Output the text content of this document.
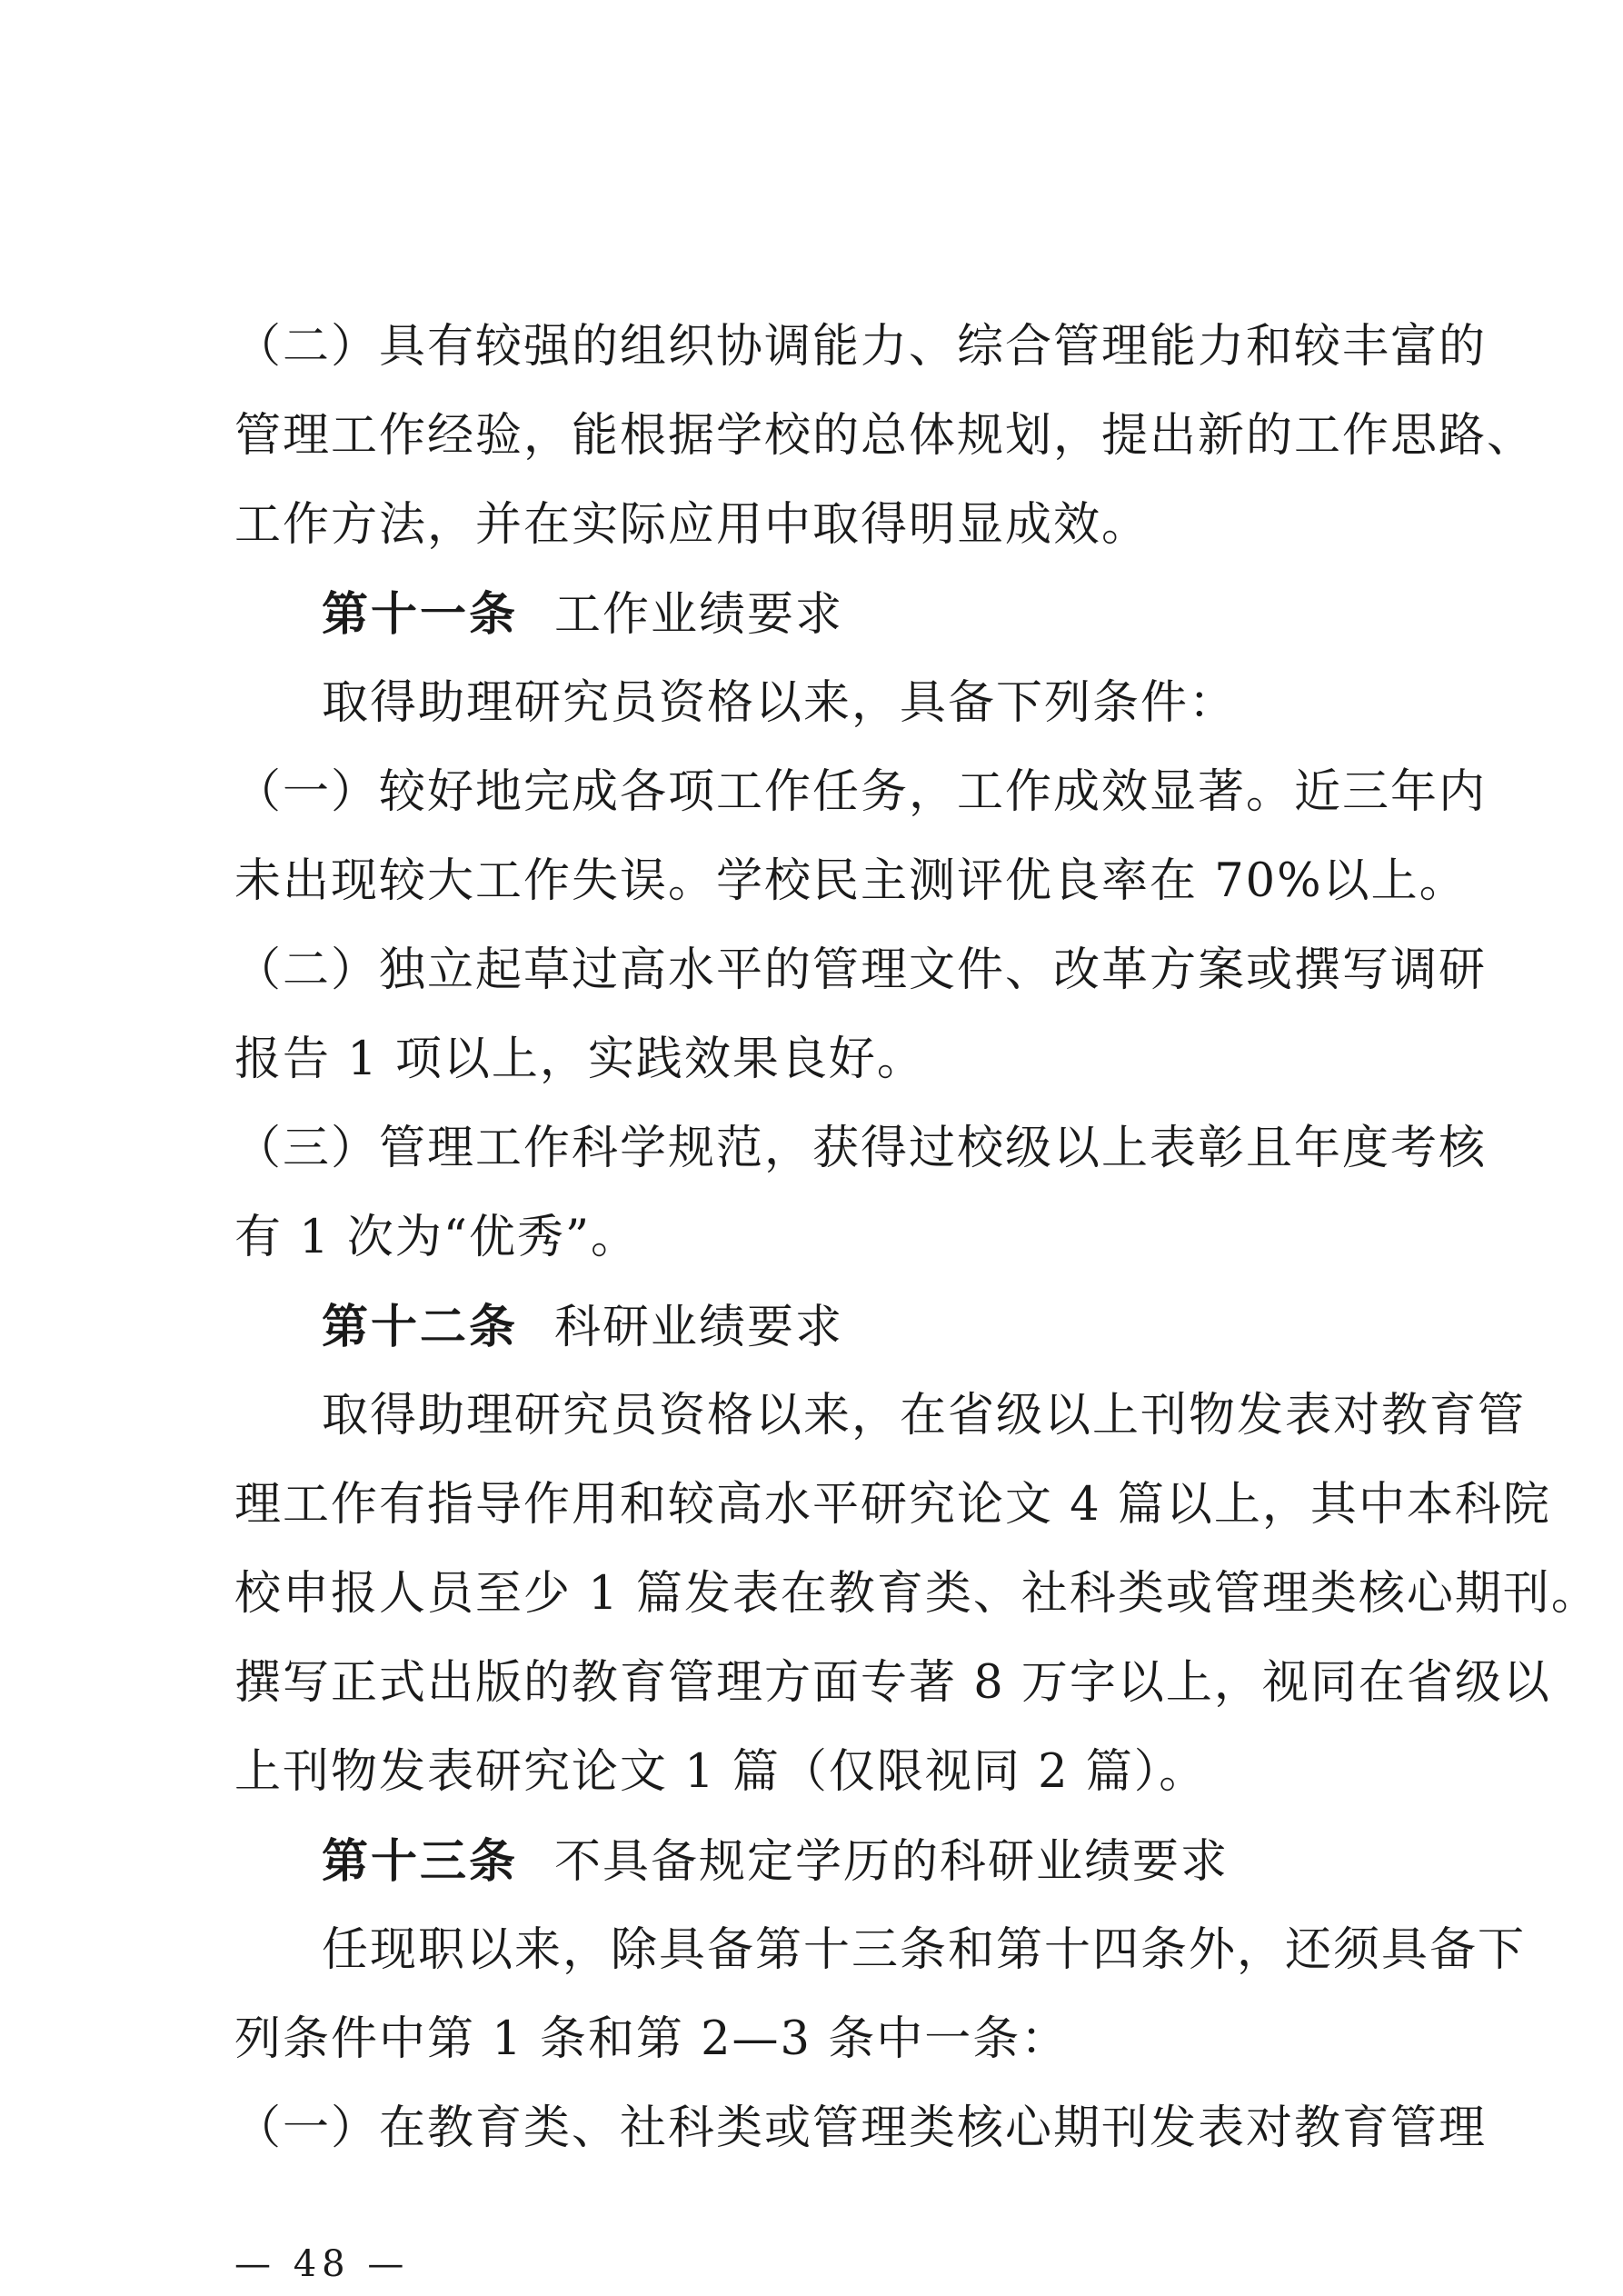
（二）具有较强的组织协调能力、综合管理能力和较丰富的
管理工作经验，能根据学校的总体规划，提出新的工作思路、
工作方法，并在实际应用中取得明显成效。
第十一条 工作业绩要求
取得助理研究员资格以来，具备下列条件：
（一）较好地完成各项工作任务，工作成效显著。近三年内
未出现较大工作失误。学校民主测评优良率在 70%以上。
（二）独立起草过高水平的管理文件、改革方案或撰写调研
报告 1 项以上，实践效果良好。
（三）管理工作科学规范，获得过校级以上表彰且年度考核
有 1 次为“优秀”。
第十二条 科研业绩要求
取得助理研究员资格以来，在省级以上刊物发表对教育管
理工作有指导作用和较高水平研究论文 4 篇以上，其中本科院
校申报人员至少 1 篇发表在教育类、社科类或管理类核心期刊。
撰写正式出版的教育管理方面专著 8 万字以上，视同在省级以
上刊物发表研究论文 1 篇（仅限视同 2 篇）。
第十三条 不具备规定学历的科研业绩要求
任现职以来，除具备第十三条和第十四条外，还须具备下
列条件中第 1 条和第 2—3 条中一条：
（一）在教育类、社科类或管理类核心期刊发表对教育管理
— 48 —
